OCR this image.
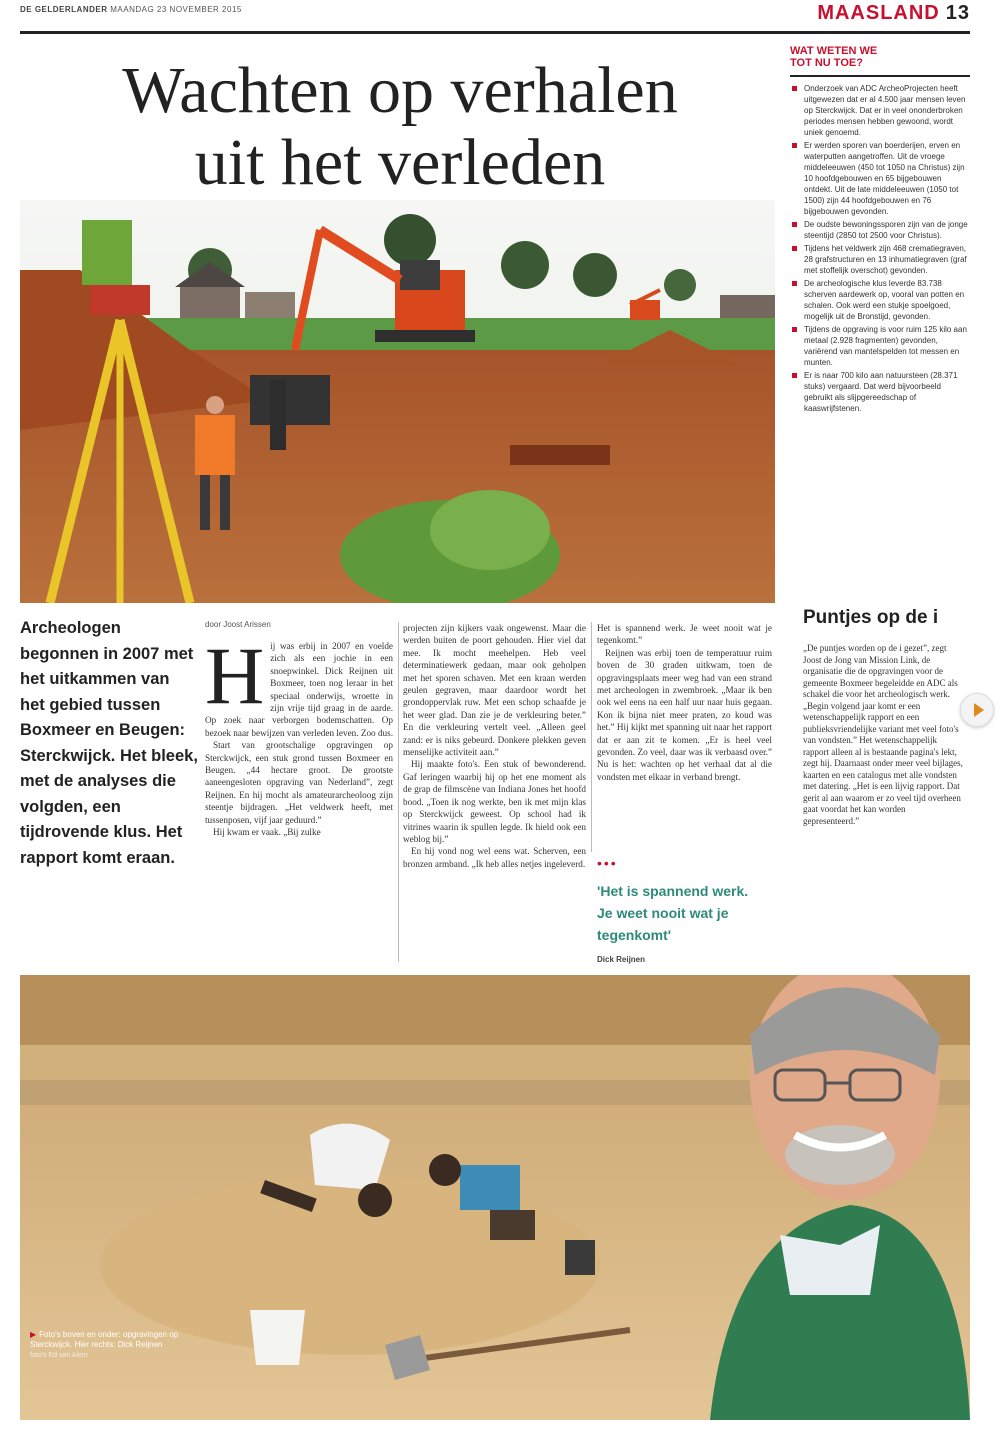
DE GELDERLANDER MAANDAG 23 NOVEMBER 2015	MAASLAND 13
Wachten op verhalen
uit het verleden
WAT WETEN WE
TOT NU TOE?
Onderzoek van ADC ArcheoProjecten heeft uitgewezen dat er al 4.500 jaar mensen leven op Sterckwijck. Dat er in veel ononderbroken periodes mensen hebben gewoond, wordt uniek genoemd.
Er werden sporen van boerderijen, erven en waterputten aangetroffen. Uit de vroege middeleeuwen (450 tot 1050 na Christus) zijn 10 hoofdgebouwen en 65 bijgebouwen ontdekt. Uit de late middeleeuwen (1050 tot 1500) zijn 44 hoofdgebouwen en 76 bijgebouwen gevonden.
De oudste bewoningssporen zijn van de jonge steentijd (2850 tot 2500 voor Christus).
Tijdens het veldwerk zijn 468 crematiegraven, 28 grafstructuren en 13 inhumatiegraven (graf met stoffelijk overschot) gevonden.
De archeologische klus leverde 83.738 scherven aardewerk op, vooral van potten en schalen. Ook werd een stukje spoelgoed, mogelijk uit de Bronstijd, gevonden.
Tijdens de opgraving is voor ruim 125 kilo aan metaal (2.928 fragmenten) gevonden, variërend van mantelspelden tot messen en munten.
Er is naar 700 kilo aan natuursteen (28.371 stuks) vergaard. Dat werd bijvoorbeeld gebruikt als slijpgereedschap of kaaswrijfstenen.
Puntjes op de i
„De puntjes worden op de i gezet”, zegt Joost de Jong van Mission Link, de organisatie die de opgravingen voor de gemeente Boxmeer begeleidde en ADC als schakel die voor het archeologisch werk. „Begin volgend jaar komt er een wetenschappelijk rapport en een publieksvriendelijke variant met veel foto's van vondsten.” Het wetenschappelijk rapport alleen al is bestaande pagina's lekt, zegt hij. Daarnaast onder meer veel bijlages, kaarten en een catalogus met alle vondsten met datering. „Het is een lijvig rapport. Dat gerit al aan waarom er zo veel tijd overheen gaat voordat het kan worden gepresenteerd.”
Archeologen begonnen in 2007 met het uitkammen van het gebied tussen Boxmeer en Beugen: Sterckwijck. Het bleek, met de analyses die volgden, een tijdrovende klus. Het rapport komt eraan.
door Joost Arissen
H ij was erbij in 2007 en voelde zich als een jochie in een snoepwinkel. Dick Reijnen uit Boxmeer, toen nog leraar in het speciaal onderwijs, wroette in zijn vrije tijd graag in de aarde. Op zoek naar verborgen bodemschatten. Op bezoek naar bewijzen van verleden leven. Zoo dus.

Start van grootschalige opgravingen op Sterckwijck, een stuk grond tussen Boxmeer en Beugen. „44 hectare groot. De grootste aaneengesloten opgraving van Nederland”, zegt Reijnen. En hij mocht als amateurarcheoloog zijn steentje bijdragen. „Het veldwerk heeft, met tussenposen, vijf jaar geduurd.”

Hij kwam er vaak. „Bij zulke

projecten zijn kijkers vaak ongewenst. Maar die werden buiten de poort gehouden. Hier viel dat mee. Ik mocht meehelpen. Heb veel determinatiewerk gedaan, maar ook geholpen met het sporen schaven. Met een kraan werden geulen gegraven, maar daardoor wordt het grondoppervlak ruw. Met een schop schaafde je het weer glad. Dan zie je de verkleuring beter.” En die verkleuring vertelt veel. „Alleen geel zand: er is niks gebeurd. Donkere plekken geven menselijke activiteit aan.”

Hij maakte foto's. Een stuk of bewonderend. Gaf leringen waarbij hij op het ene moment als de grap de filmscène van Indiana Jones het hoofd bood. „Toen ik nog werkte, ben ik met mijn klas op Sterckwijck geweest. Op school had ik vitrines waarin ik spullen legde. Ik hield ook een weblog bij.”

En hij vond nog wel eens wat. Scherven, een bronzen armband. „Ik heb alles netjes ingeleverd.

Het is spannend werk. Je weet nooit wat je tegenkomt.”

Reijnen was erbij toen de temperatuur ruim boven de 30 graden uitkwam, toen de opgravingsplaats meer weg had van een strand met archeologen in zwembroek. „Maar ik ben ook wel eens na een half uur naar huis gegaan. Kon ik bijna niet meer praten, zo koud was het.” Hij kijkt met spanning uit naar het rapport dat er aan zit te komen. „Er is heel veel gevonden. Zo veel, daar was ik verbaasd over.” Nu is het: wachten op het verhaal dat al die vondsten met elkaar in verband brengt.

•••
'Het is spannend werk. Je weet nooit wat je tegenkomt'
Dick Reijnen
▶ Foto's boven en onder: opgravingen op Sterckwijck. Hier rechts: Dick Reijnen
foto's Ed van Alem
